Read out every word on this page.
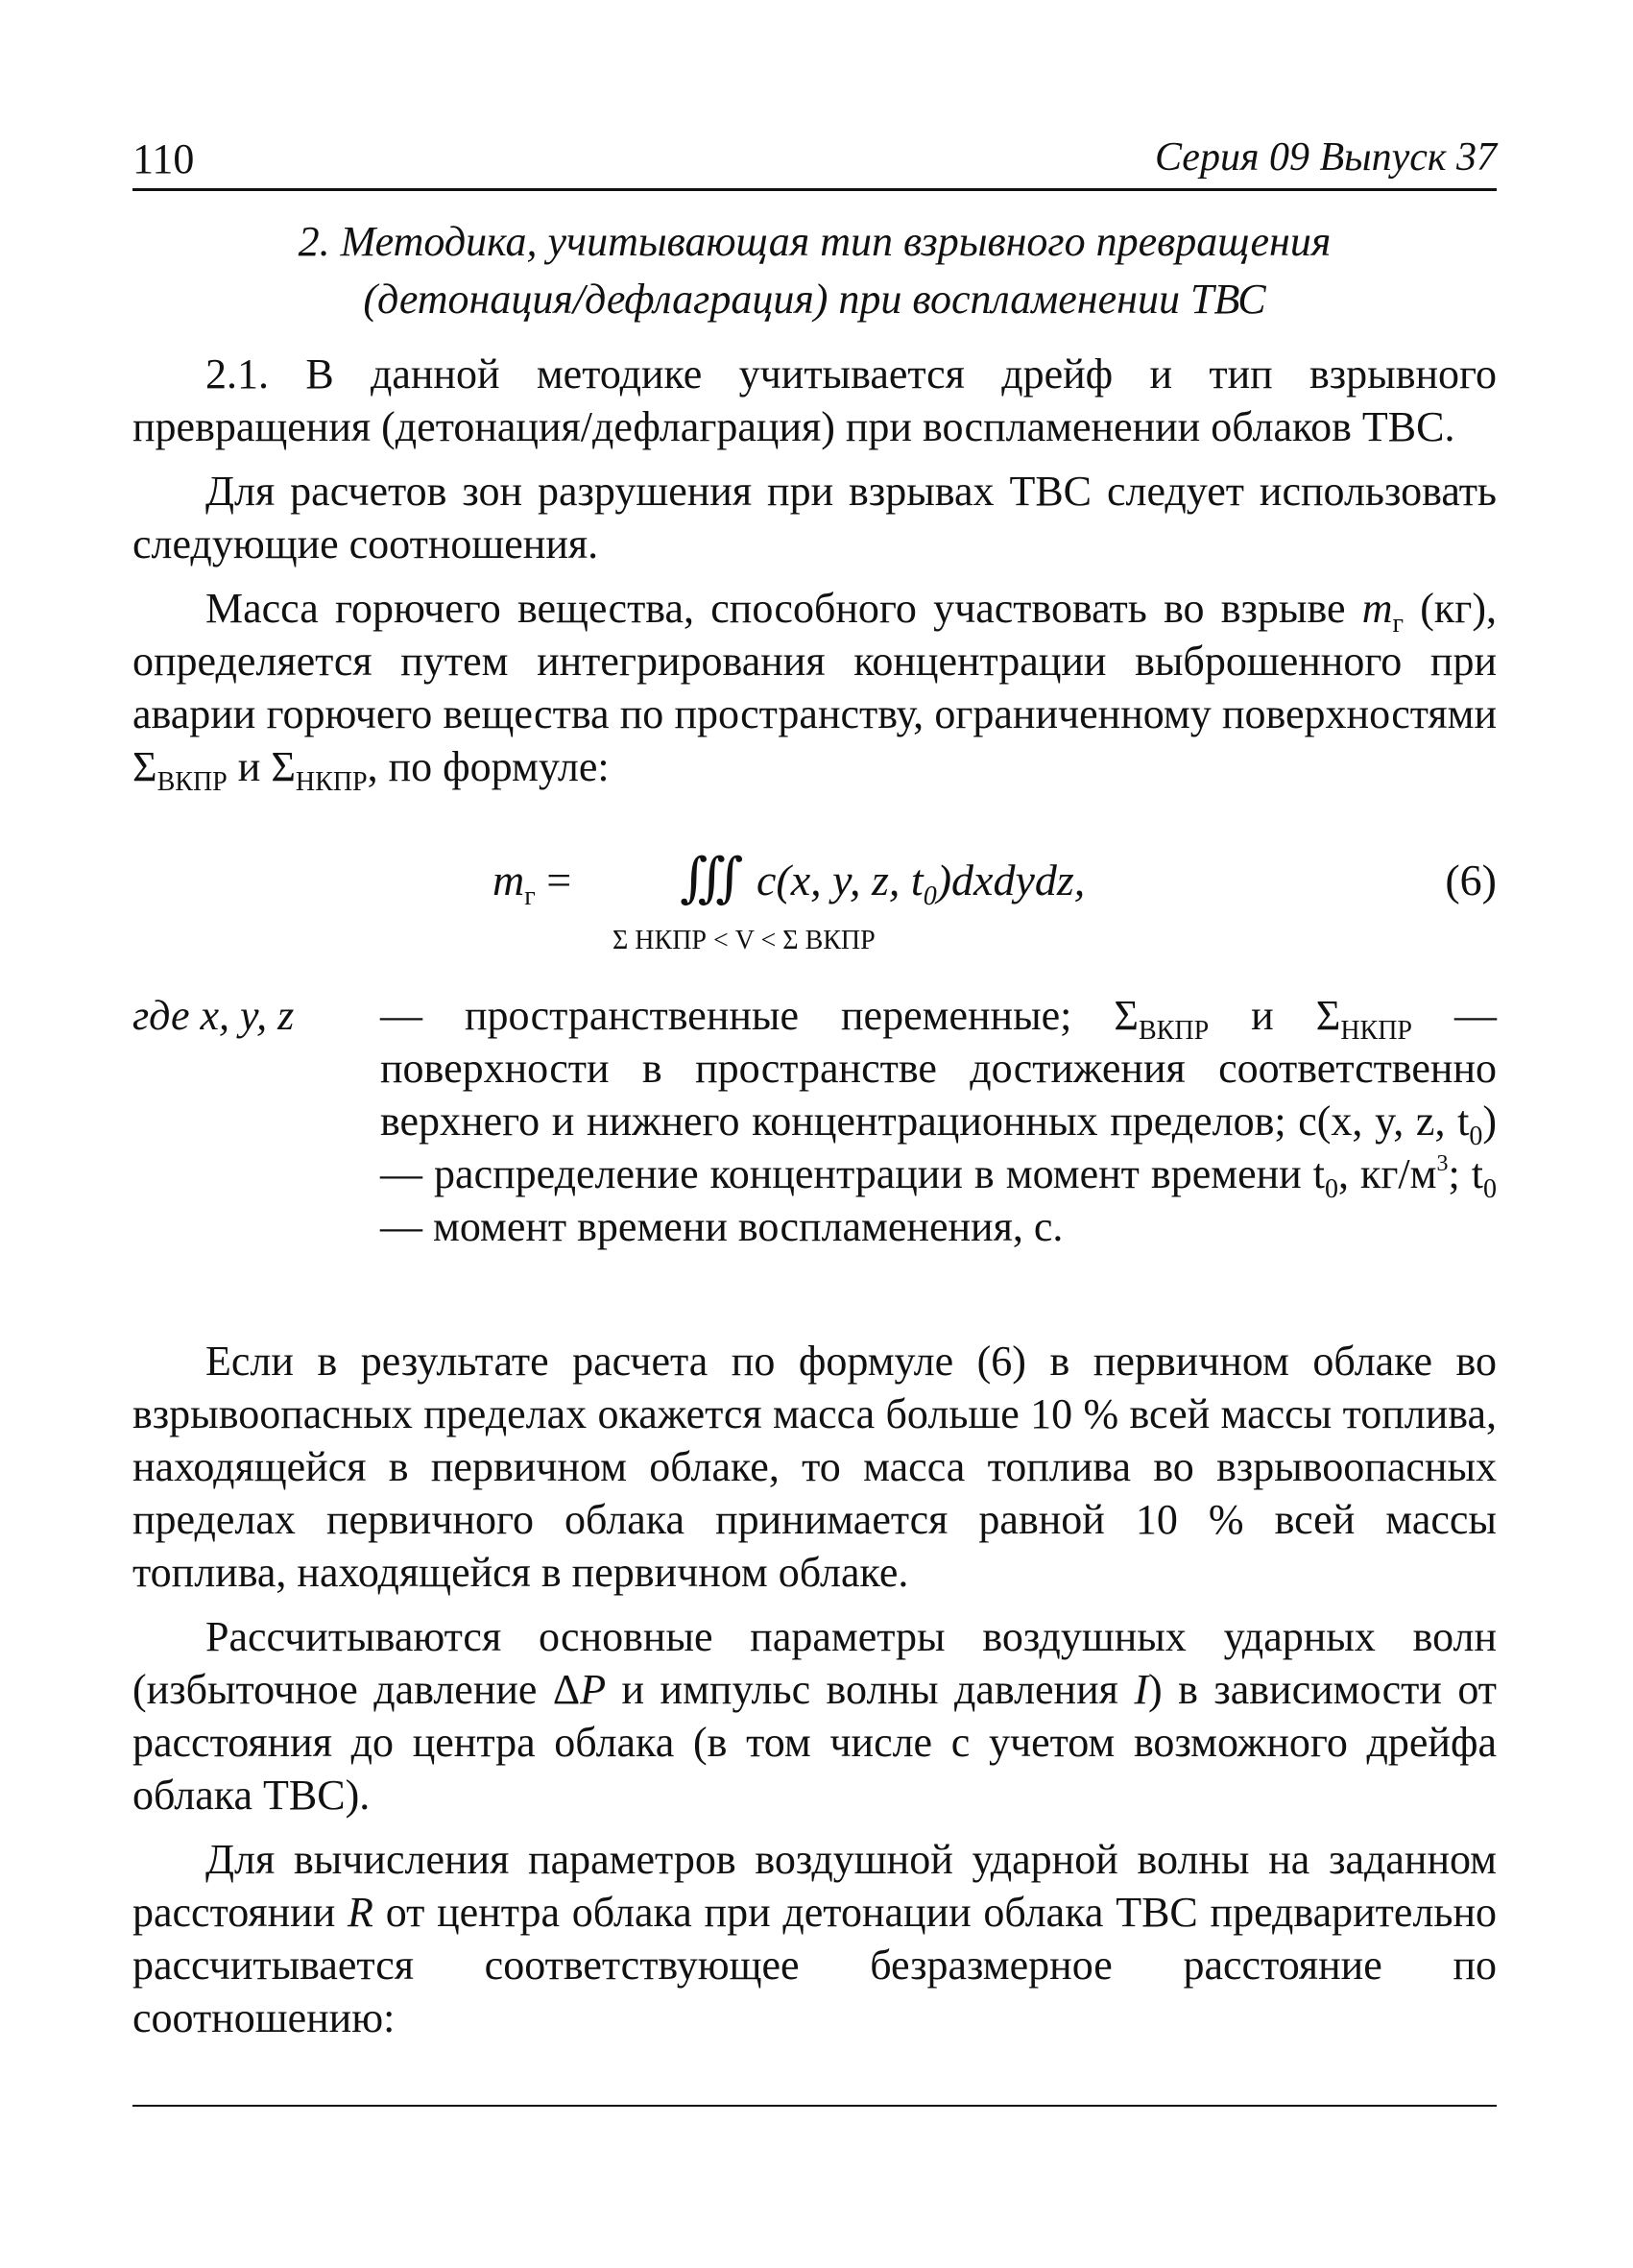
110	Серия 09 Выпуск 37
2. Методика, учитывающая тип взрывного превращения
(детонация/дефлаграция) при воспламенении ТВС

2.1. В данной методике учитывается дрейф и тип взрывного превращения (детонация/дефлаграция) при воспламенении облаков ТВС.

Для расчетов зон разрушения при взрывах ТВС следует использовать следующие соотношения.

Масса горючего вещества, способного участвовать во взрыве $m_г$ (кг), определяется путем интегрирования концентрации выброшенного при аварии горючего вещества по пространству, ограниченному поверхностями $\Sigma_{ВКПР}$ и $\Sigma_{НКПР}$, по формуле:

$m_г$ = ∭ c(x, y, z, $t_0)dxdydz$,
Σ НКПР < V < Σ ВКПР
(6)
где x, y, z — пространственные переменные; $\Sigma_{ВКПР}$ и $\Sigma_{НКПР}$ — поверхности в пространстве достижения соответственно верхнего и нижнего концентрационных пределов; c(x, y, z, $t_0$) — распределение концентрации в момент времени $t_0$, $кг/м^3$; $t_0$ — момент времени воспламенения, с.

Если в результате расчета по формуле (6) в первичном облаке во взрывоопасных пределах окажется масса больше 10 % всей массы топлива, находящейся в первичном облаке, то масса топлива во взрывоопасных пределах первичного облака принимается равной 10 % всей массы топлива, находящейся в первичном облаке.

Рассчитываются основные параметры воздушных ударных волн (избыточное давление ΔP и импульс волны давления I) в зависимости от расстояния до центра облака (в том числе с учетом возможного дрейфа облака ТВС).

Для вычисления параметров воздушной ударной волны на заданном расстоянии R от центра облака при детонации облака ТВС предварительно рассчитывается соответствующее безразмерное расстояние по соотношению:
